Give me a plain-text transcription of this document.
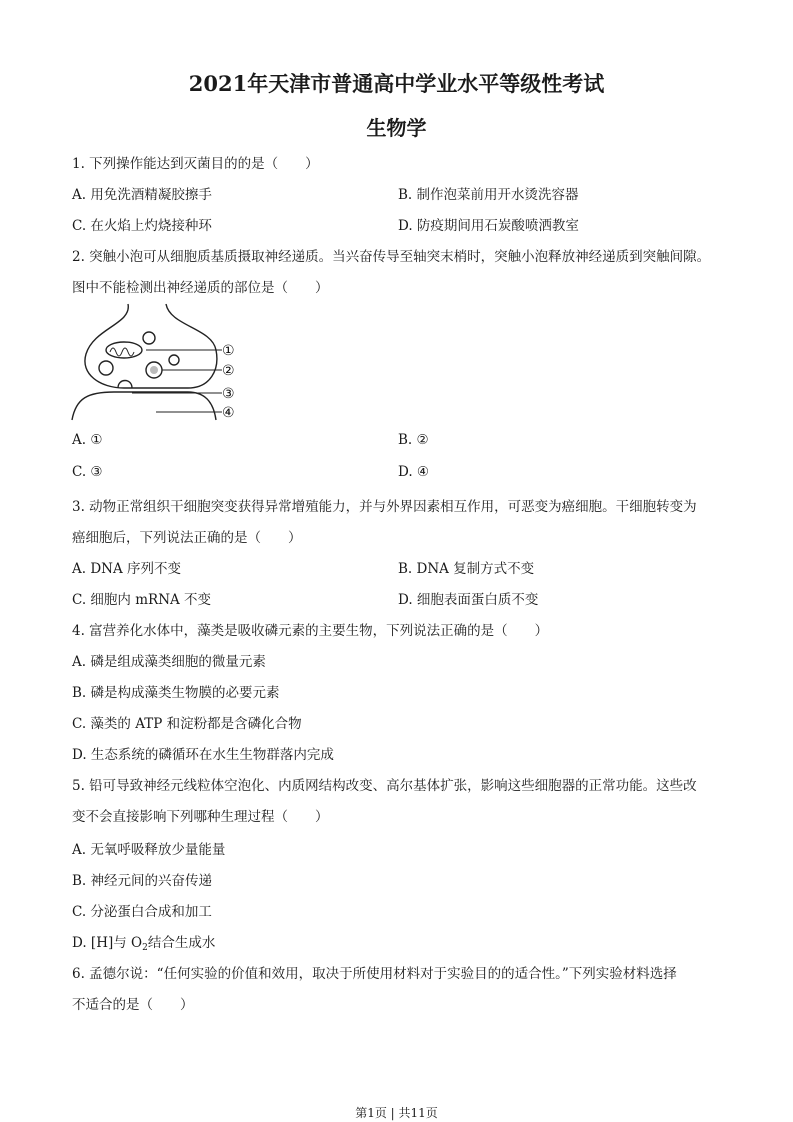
2021年天津市普通高中学业水平等级性考试
生物学
1. 下列操作能达到灭菌目的的是（　　）
A. 用免洗酒精凝胶擦手	B. 制作泡菜前用开水烫洗容器
C. 在火焰上灼烧接种环	D. 防疫期间用石炭酸喷洒教室
2. 突触小泡可从细胞质基质摄取神经递质。当兴奋传导至轴突末梢时，突触小泡释放神经递质到突触间隙。
图中不能检测出神经递质的部位是（　　）
①
②
③
④
A. ①	B. ②
C. ③	D. ④
3. 动物正常组织干细胞突变获得异常增殖能力，并与外界因素相互作用，可恶变为癌细胞。干细胞转变为
癌细胞后，下列说法正确的是（　　）
A. DNA 序列不变	B. DNA 复制方式不变
C. 细胞内 mRNA 不变	D. 细胞表面蛋白质不变
4. 富营养化水体中，藻类是吸收磷元素的主要生物，下列说法正确的是（　　）
A. 磷是组成藻类细胞的微量元素
B. 磷是构成藻类生物膜的必要元素
C. 藻类的 ATP 和淀粉都是含磷化合物
D. 生态系统的磷循环在水生生物群落内完成
5. 铅可导致神经元线粒体空泡化、内质网结构改变、高尔基体扩张，影响这些细胞器的正常功能。这些改
变不会直接影响下列哪种生理过程（　　）
A. 无氧呼吸释放少量能量
B. 神经元间的兴奋传递
C. 分泌蛋白合成和加工
D. [H]与 $O_2$结合生成水
6. 孟德尔说：“任何实验的价值和效用，取决于所使用材料对于实验目的的适合性。”下列实验材料选择
不适合的是（　　）
第1页 | 共11页
